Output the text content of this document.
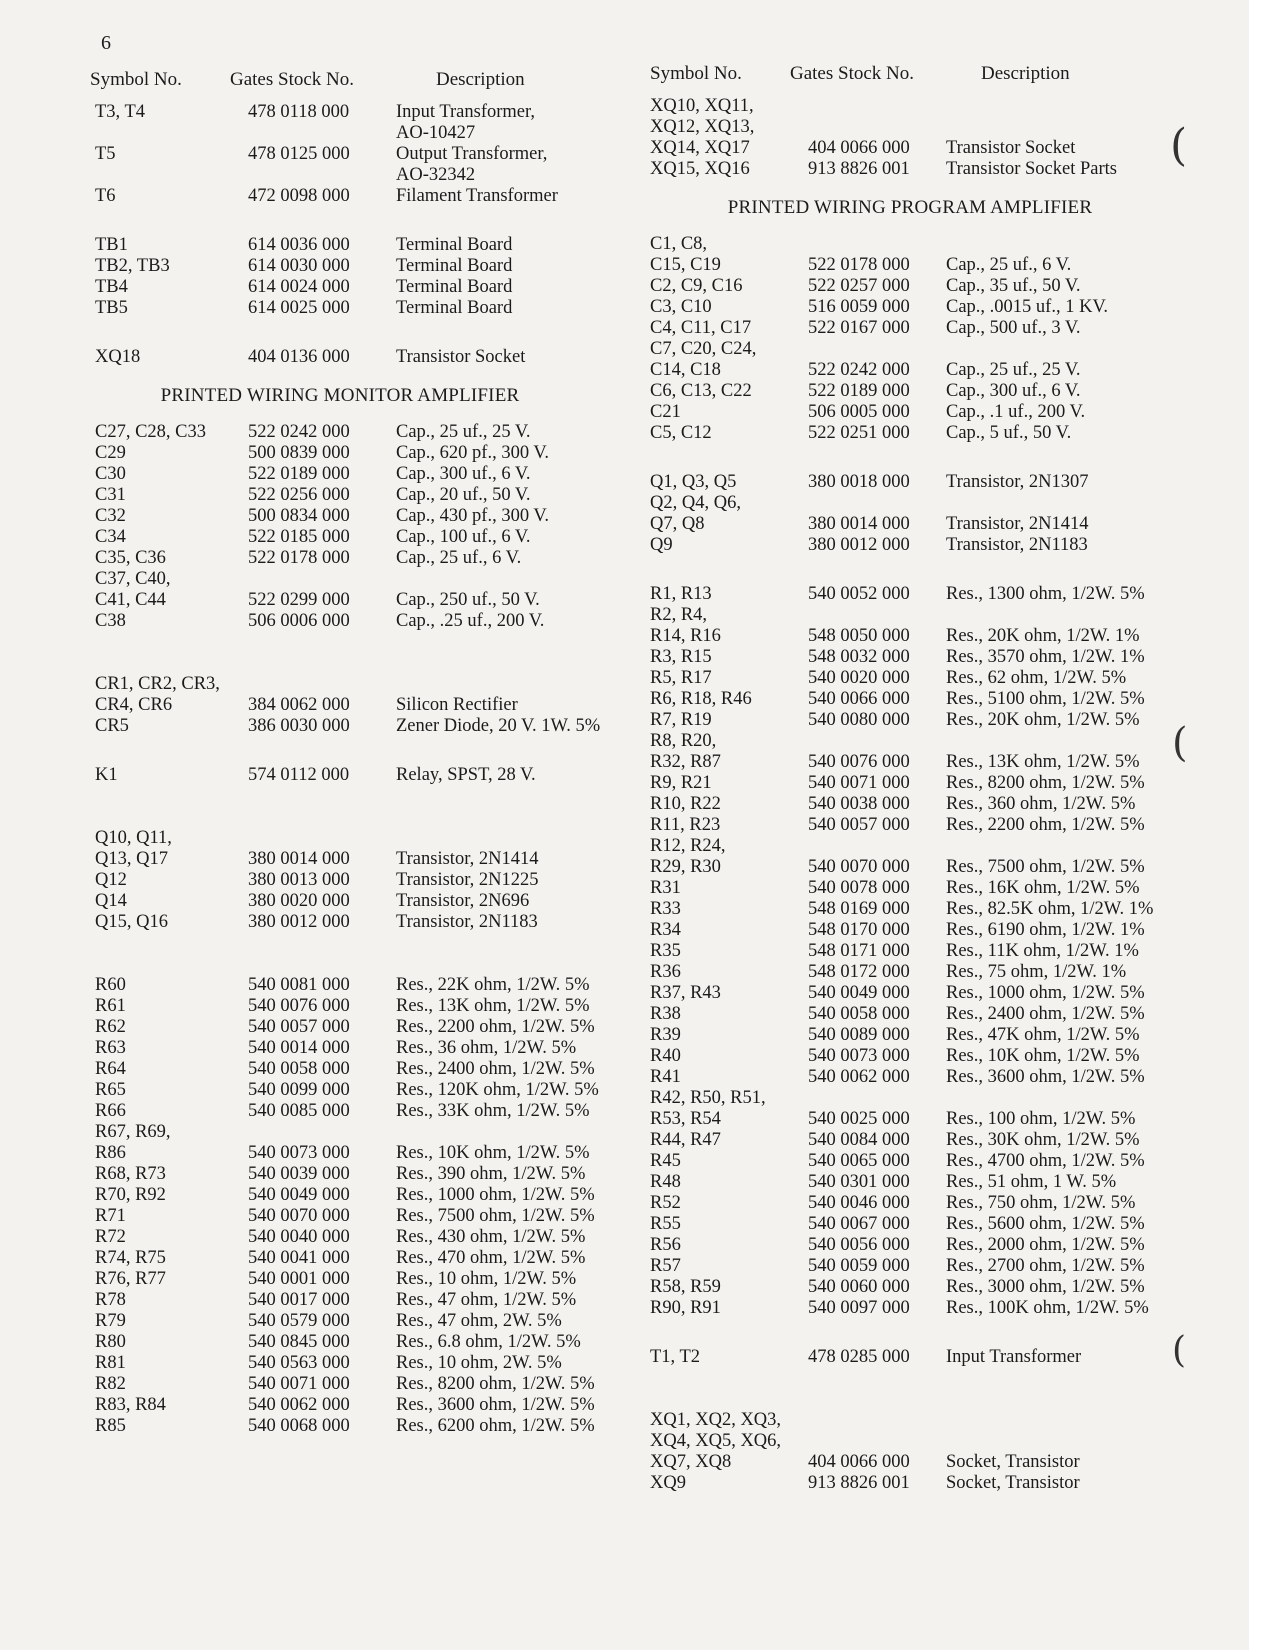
6
Symbol No.	Gates Stock No.	Description
T3, T4	478 0118 000	Input Transformer,
AO-10427
T5	478 0125 000	Output Transformer,
AO-32342
T6	472 0098 000	Filament Transformer
TB1	614 0036 000	Terminal Board
TB2, TB3	614 0030 000	Terminal Board
TB4	614 0024 000	Terminal Board
TB5	614 0025 000	Terminal Board
XQ18	404 0136 000	Transistor Socket
PRINTED WIRING MONITOR AMPLIFIER
C27, C28, C33	522 0242 000	Cap., 25 uf., 25 V.
C29	500 0839 000	Cap., 620 pf., 300 V.
C30	522 0189 000	Cap., 300 uf., 6 V.
C31	522 0256 000	Cap., 20 uf., 50 V.
C32	500 0834 000	Cap., 430 pf., 300 V.
C34	522 0185 000	Cap., 100 uf., 6 V.
C35, C36	522 0178 000	Cap., 25 uf., 6 V.
C37, C40,
C41, C44	522 0299 000	Cap., 250 uf., 50 V.
C38	506 0006 000	Cap., .25 uf., 200 V.
CR1, CR2, CR3,
CR4, CR6	384 0062 000	Silicon Rectifier
CR5	386 0030 000	Zener Diode, 20 V. 1W. 5%
K1	574 0112 000	Relay, SPST, 28 V.
Q10, Q11,
Q13, Q17	380 0014 000	Transistor, 2N1414
Q12	380 0013 000	Transistor, 2N1225
Q14	380 0020 000	Transistor, 2N696
Q15, Q16	380 0012 000	Transistor, 2N1183
R60	540 0081 000	Res., 22K ohm, 1/2W. 5%
R61	540 0076 000	Res., 13K ohm, 1/2W. 5%
R62	540 0057 000	Res., 2200 ohm, 1/2W. 5%
R63	540 0014 000	Res., 36 ohm, 1/2W. 5%
R64	540 0058 000	Res., 2400 ohm, 1/2W. 5%
R65	540 0099 000	Res., 120K ohm, 1/2W. 5%
R66	540 0085 000	Res., 33K ohm, 1/2W. 5%
R67, R69,
R86	540 0073 000	Res., 10K ohm, 1/2W. 5%
R68, R73	540 0039 000	Res., 390 ohm, 1/2W. 5%
R70, R92	540 0049 000	Res., 1000 ohm, 1/2W. 5%
R71	540 0070 000	Res., 7500 ohm, 1/2W. 5%
R72	540 0040 000	Res., 430 ohm, 1/2W. 5%
R74, R75	540 0041 000	Res., 470 ohm, 1/2W. 5%
R76, R77	540 0001 000	Res., 10 ohm, 1/2W. 5%
R78	540 0017 000	Res., 47 ohm, 1/2W. 5%
R79	540 0579 000	Res., 47 ohm, 2W. 5%
R80	540 0845 000	Res., 6.8 ohm, 1/2W. 5%
R81	540 0563 000	Res., 10 ohm, 2W. 5%
R82	540 0071 000	Res., 8200 ohm, 1/2W. 5%
R83, R84	540 0062 000	Res., 3600 ohm, 1/2W. 5%
R85	540 0068 000	Res., 6200 ohm, 1/2W. 5%
Symbol No.	Gates Stock No.	Description
XQ10, XQ11,
XQ12, XQ13,
XQ14, XQ17	404 0066 000	Transistor Socket
XQ15, XQ16	913 8826 001	Transistor Socket Parts
PRINTED WIRING PROGRAM AMPLIFIER
C1, C8,
C15, C19	522 0178 000	Cap., 25 uf., 6 V.
C2, C9, C16	522 0257 000	Cap., 35 uf., 50 V.
C3, C10	516 0059 000	Cap., .0015 uf., 1 KV.
C4, C11, C17	522 0167 000	Cap., 500 uf., 3 V.
C7, C20, C24,
C14, C18	522 0242 000	Cap., 25 uf., 25 V.
C6, C13, C22	522 0189 000	Cap., 300 uf., 6 V.
C21	506 0005 000	Cap., .1 uf., 200 V.
C5, C12	522 0251 000	Cap., 5 uf., 50 V.
Q1, Q3, Q5	380 0018 000	Transistor, 2N1307
Q2, Q4, Q6,
Q7, Q8	380 0014 000	Transistor, 2N1414
Q9	380 0012 000	Transistor, 2N1183
R1, R13	540 0052 000	Res., 1300 ohm, 1/2W. 5%
R2, R4,
R14, R16	548 0050 000	Res., 20K ohm, 1/2W. 1%
R3, R15	548 0032 000	Res., 3570 ohm, 1/2W. 1%
R5, R17	540 0020 000	Res., 62 ohm, 1/2W. 5%
R6, R18, R46	540 0066 000	Res., 5100 ohm, 1/2W. 5%
R7, R19	540 0080 000	Res., 20K ohm, 1/2W. 5%
R8, R20,
R32, R87	540 0076 000	Res., 13K ohm, 1/2W. 5%
R9, R21	540 0071 000	Res., 8200 ohm, 1/2W. 5%
R10, R22	540 0038 000	Res., 360 ohm, 1/2W. 5%
R11, R23	540 0057 000	Res., 2200 ohm, 1/2W. 5%
R12, R24,
R29, R30	540 0070 000	Res., 7500 ohm, 1/2W. 5%
R31	540 0078 000	Res., 16K ohm, 1/2W. 5%
R33	548 0169 000	Res., 82.5K ohm, 1/2W. 1%
R34	548 0170 000	Res., 6190 ohm, 1/2W. 1%
R35	548 0171 000	Res., 11K ohm, 1/2W. 1%
R36	548 0172 000	Res., 75 ohm, 1/2W. 1%
R37, R43	540 0049 000	Res., 1000 ohm, 1/2W. 5%
R38	540 0058 000	Res., 2400 ohm, 1/2W. 5%
R39	540 0089 000	Res., 47K ohm, 1/2W. 5%
R40	540 0073 000	Res., 10K ohm, 1/2W. 5%
R41	540 0062 000	Res., 3600 ohm, 1/2W. 5%
R42, R50, R51,
R53, R54	540 0025 000	Res., 100 ohm, 1/2W. 5%
R44, R47	540 0084 000	Res., 30K ohm, 1/2W. 5%
R45	540 0065 000	Res., 4700 ohm, 1/2W. 5%
R48	540 0301 000	Res., 51 ohm, 1 W. 5%
R52	540 0046 000	Res., 750 ohm, 1/2W. 5%
R55	540 0067 000	Res., 5600 ohm, 1/2W. 5%
R56	540 0056 000	Res., 2000 ohm, 1/2W. 5%
R57	540 0059 000	Res., 2700 ohm, 1/2W. 5%
R58, R59	540 0060 000	Res., 3000 ohm, 1/2W. 5%
R90, R91	540 0097 000	Res., 100K ohm, 1/2W. 5%
T1, T2	478 0285 000	Input Transformer
XQ1, XQ2, XQ3,
XQ4, XQ5, XQ6,
XQ7, XQ8	404 0066 000	Socket, Transistor
XQ9	913 8826 001	Socket, Transistor
(
(
(
